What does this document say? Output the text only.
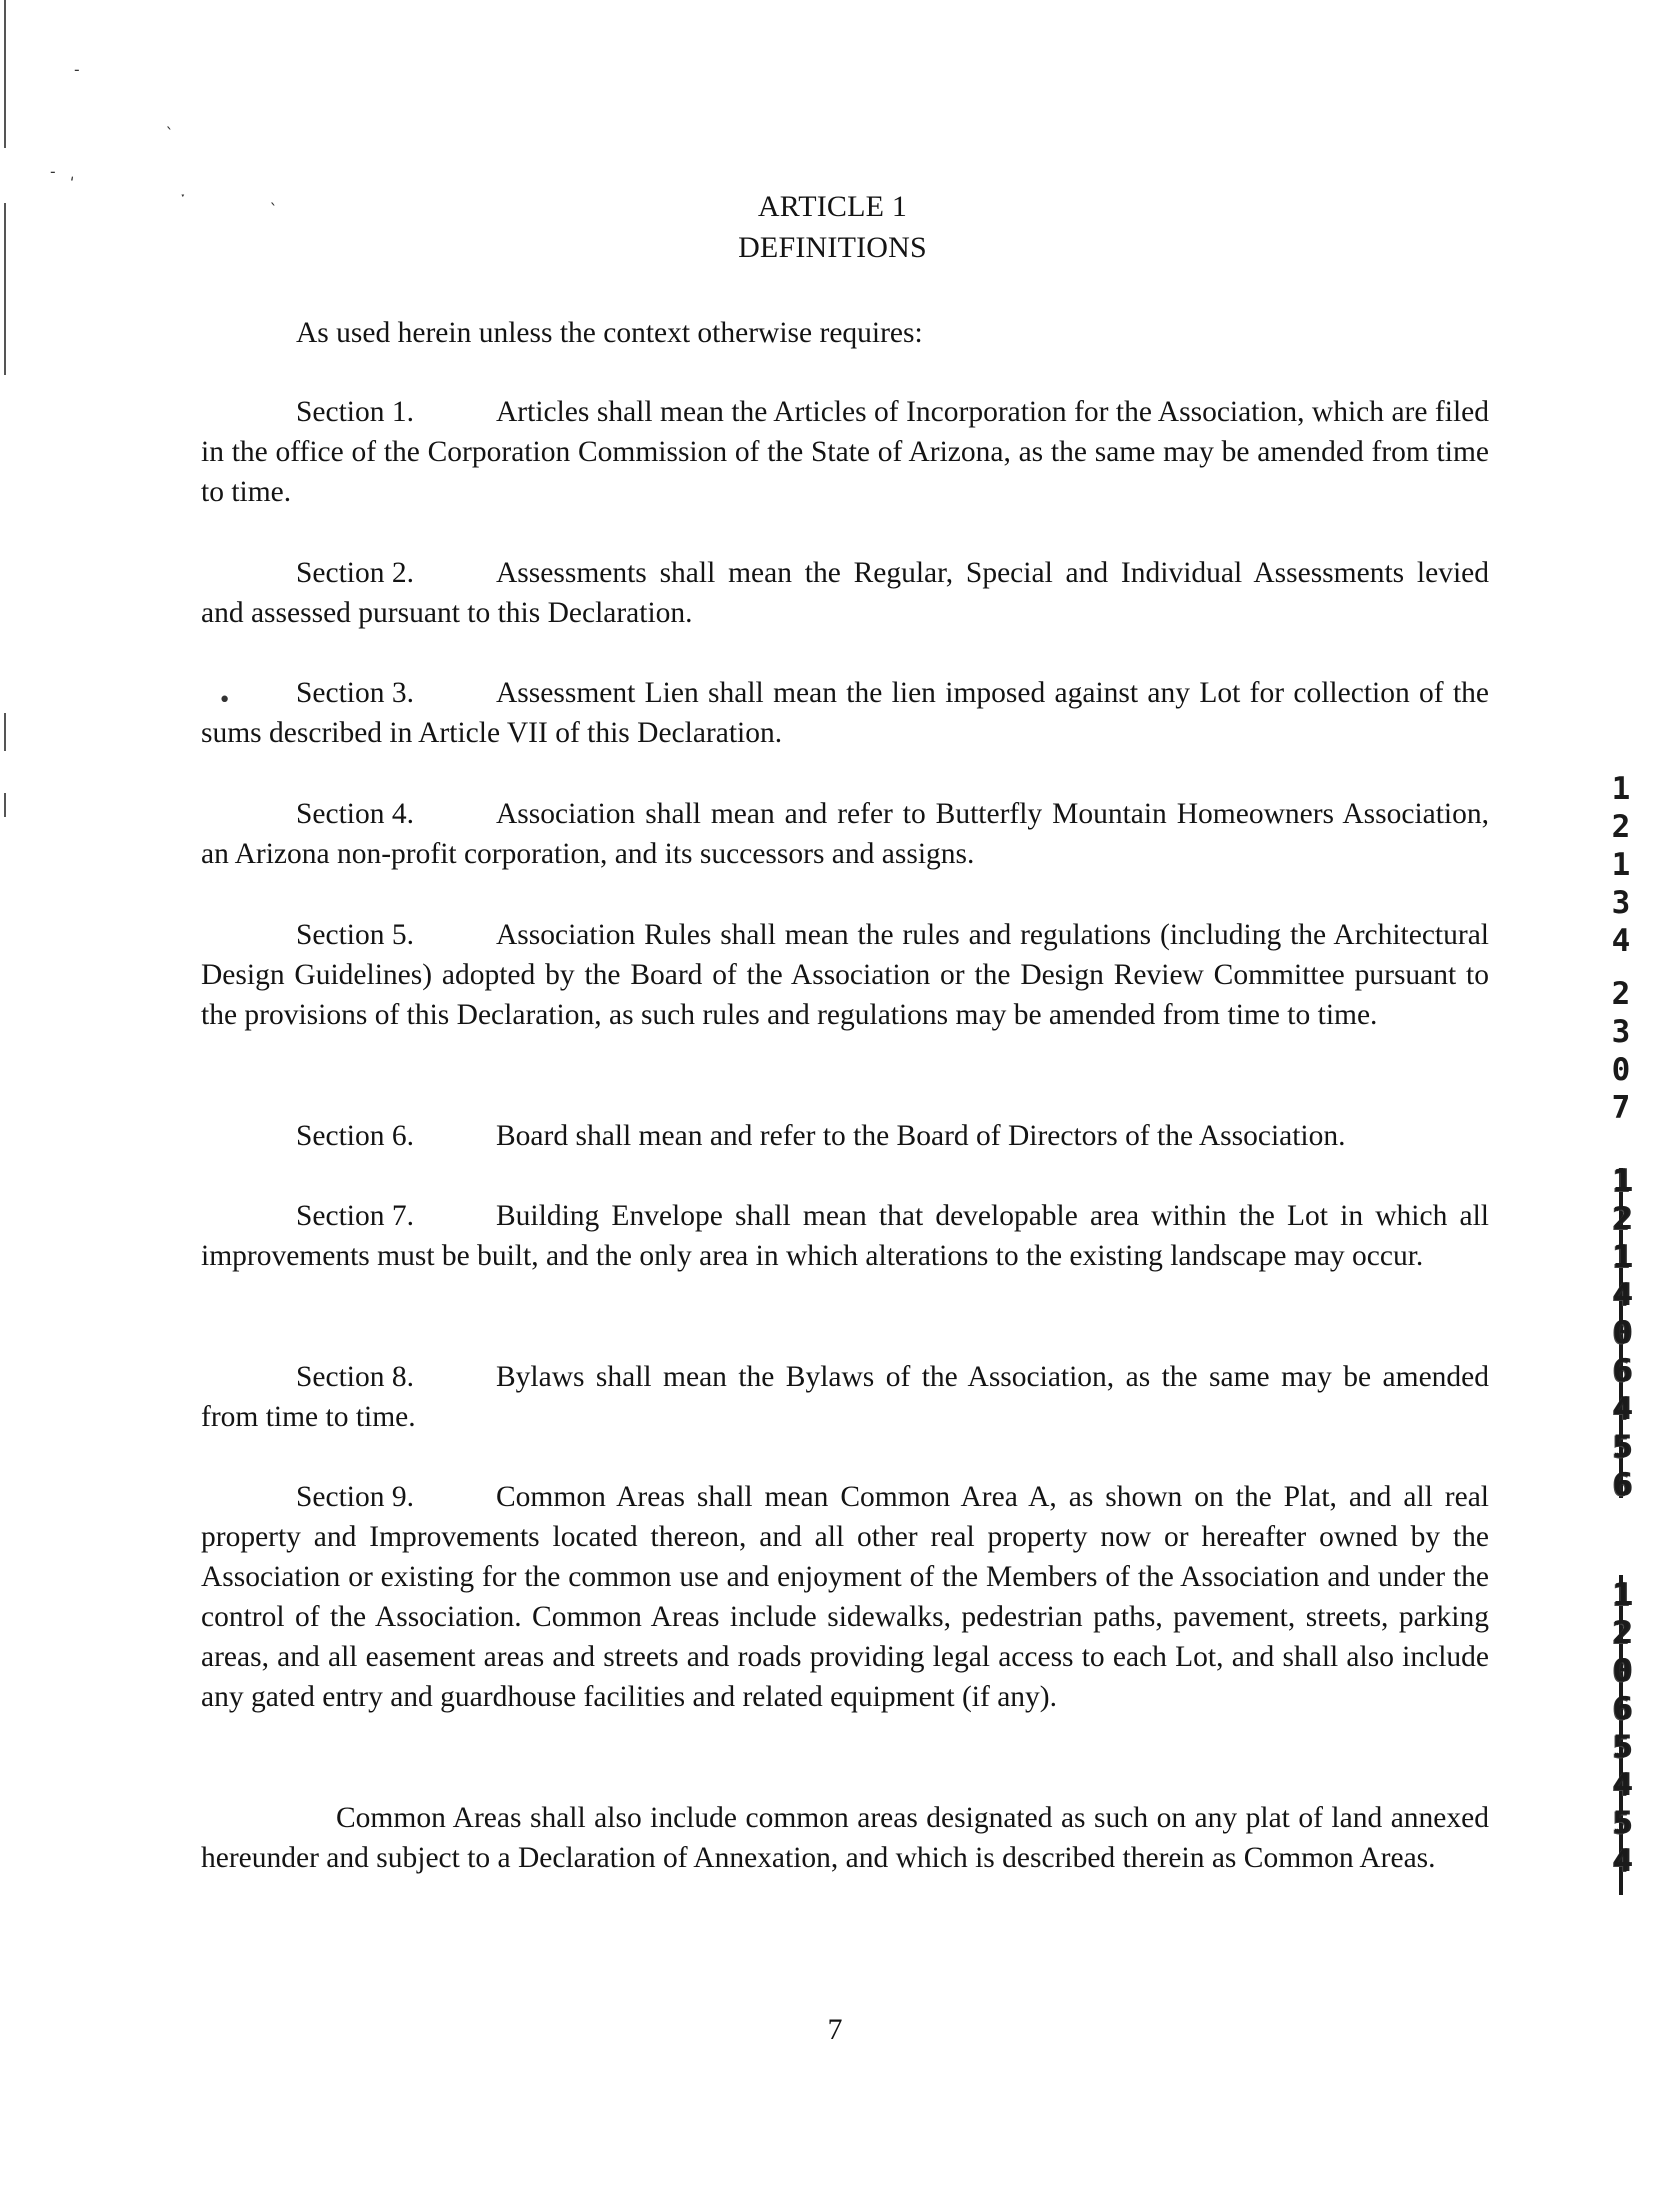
-
ˎ
- ͵
ˑ	ˎ	ARTICLE 1
DEFINITIONS
As used herein unless the context otherwise requires:
Section 1.	Articles shall mean the Articles of Incorporation for the Association, which are filed in the office of the Corporation Commission of the State of Arizona, as the same may be amended from time to time.
Section 2.	Assessments shall mean the Regular, Special and Individual Assessments levied and assessed pursuant to this Declaration.
Section 3.	Assessment Lien shall mean the lien imposed against any Lot for collection of the sums described in Article VII of this Declaration.
•
Section 4.	Association shall mean and refer to Butterfly Mountain Homeowners Association, an Arizona non-profit corporation, and its successors and assigns.
Section 5.	Association Rules shall mean the rules and regulations (including the Architectural Design Guidelines) adopted by the Board of the Association or the Design Review Committee pursuant to the provisions of this Declaration, as such rules and regulations may be amended from time to time.
Section 6.	Board shall mean and refer to the Board of Directors of the Association.
Section 7.	Building Envelope shall mean that developable area within the Lot in which all improvements must be built, and the only area in which alterations to the existing landscape may occur.
Section 8.	Bylaws shall mean the Bylaws of the Association, as the same may be amended from time to time.
Section 9.	Common Areas shall mean Common Area A, as shown on the Plat, and all real property and Improvements located thereon, and all other real property now or hereafter owned by the Association or existing for the common use and enjoyment of the Members of the Association and under the control of the Association. Common Areas include sidewalks, pedestrian paths, pavement, streets, parking areas, and all easement areas and streets and roads providing legal access to each Lot, and shall also include any gated entry and guardhouse facilities and related equipment (if any).
Common Areas shall also include common areas designated as such on any plat of land annexed hereunder and subject to a Declaration of Annexation, and which is described therein as Common Areas.
1
2
1
3
4
2
3
0
7
1
2
1
4
0
6
4
5
6
1
2
0
6
5
4
5
4
7
